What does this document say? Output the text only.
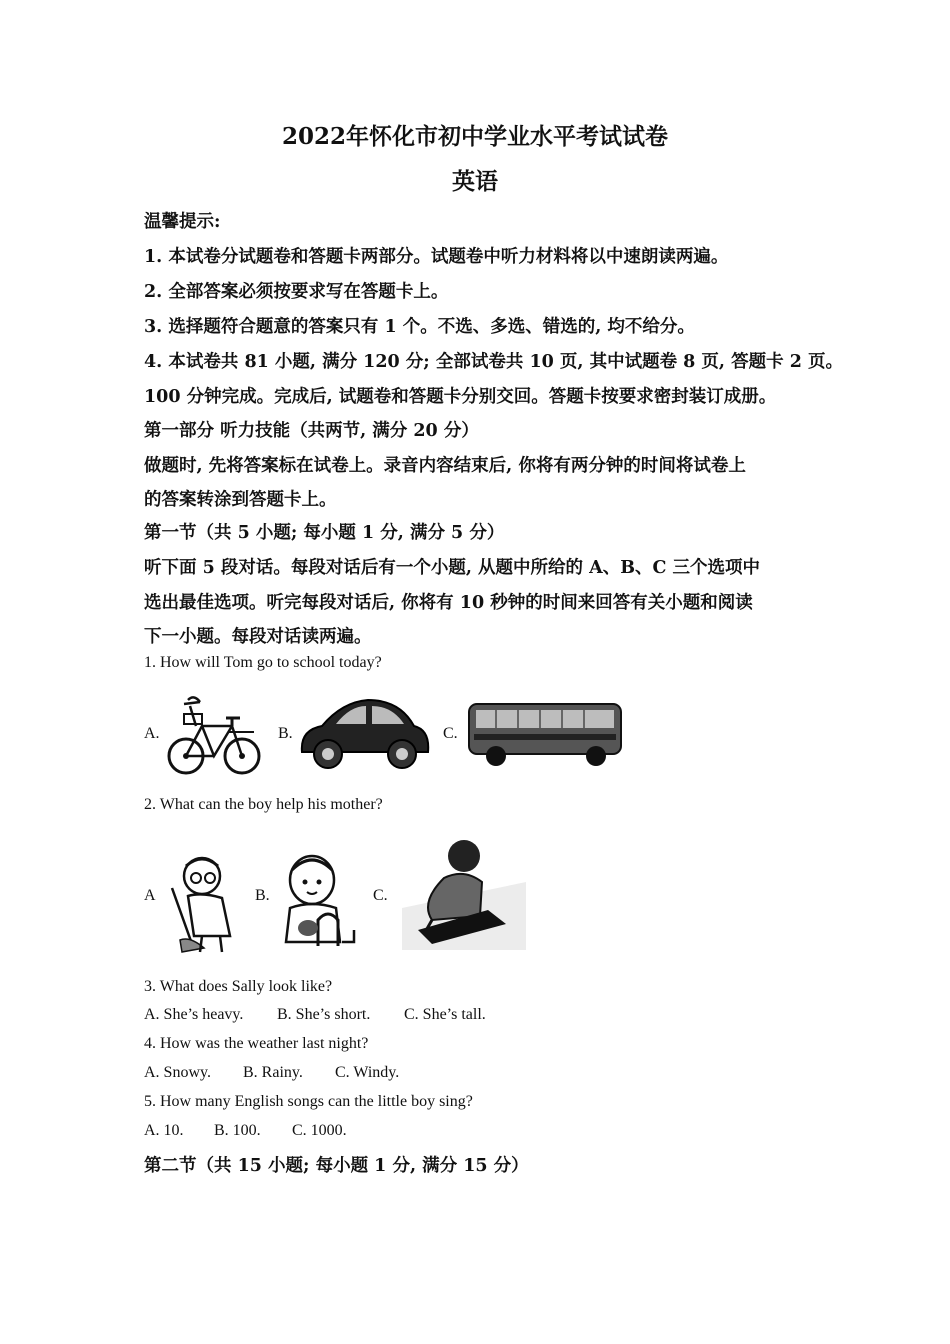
2022年怀化市初中学业水平考试试卷
英语
温馨提示:
1. 本试卷分试题卷和答题卡两部分。试题卷中听力材料将以中速朗读两遍。
2. 全部答案必须按要求写在答题卡上。
3. 选择题符合题意的答案只有 1 个。不选、多选、错选的, 均不给分。
4. 本试卷共 81 小题, 满分 120 分; 全部试卷共 10 页, 其中试题卷 8 页, 答题卡 2 页。
100 分钟完成。完成后, 试题卷和答题卡分别交回。答题卡按要求密封装订成册。
第一部分 听力技能（共两节, 满分 20 分）
做题时, 先将答案标在试卷上。录音内容结束后, 你将有两分钟的时间将试卷上
的答案转涂到答题卡上。
第一节（共 5 小题; 每小题 1 分, 满分 5 分）
听下面 5 段对话。每段对话后有一个小题, 从题中所给的 A、B、C 三个选项中
选出最佳选项。听完每段对话后, 你将有 10 秒钟的时间来回答有关小题和阅读
下一小题。每段对话读两遍。
1. How will Tom go to school today?
A.	B.	C.
2. What can the boy help his mother?
A	B.	C.
3. What does Sally look like?
A. She’s heavy. B. She’s short. C. She’s tall.
4. How was the weather last night?
A. Snowy. B. Rainy. C. Windy.
5. How many English songs can the little boy sing?
A. 10. B. 100. C. 1000.
第二节（共 15 小题; 每小题 1 分, 满分 15 分）
